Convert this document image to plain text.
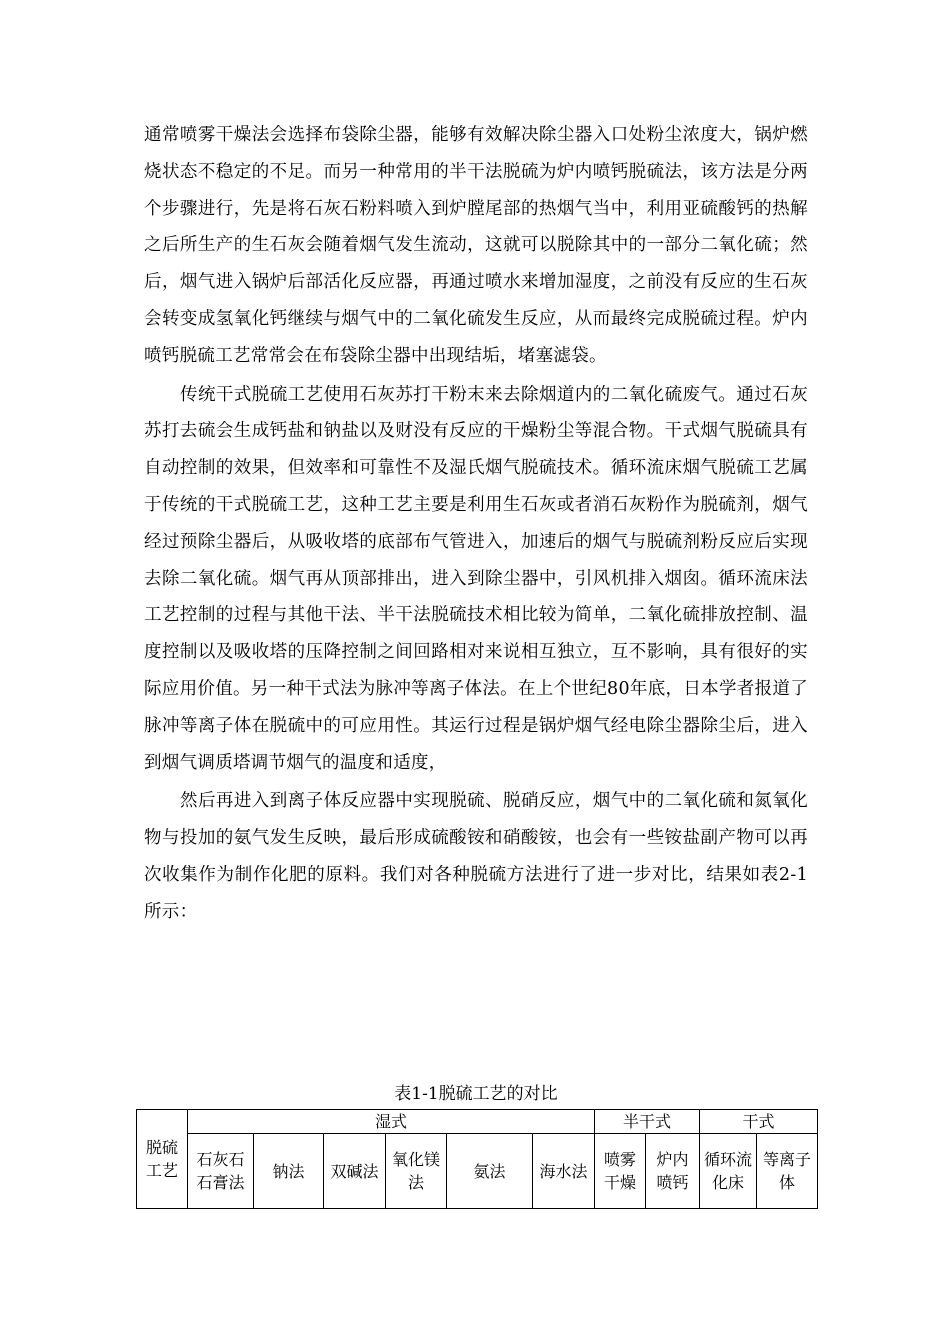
通常喷雾干燥法会选择布袋除尘器，能够有效解决除尘器入口处粉尘浓度大，锅炉燃烧状态不稳定的不足。而另一种常用的半干法脱硫为炉内喷钙脱硫法，该方法是分两个步骤进行，先是将石灰石粉料喷入到炉膛尾部的热烟气当中，利用亚硫酸钙的热解之后所生产的生石灰会随着烟气发生流动，这就可以脱除其中的一部分二氧化硫；然后，烟气进入锅炉后部活化反应器，再通过喷水来增加湿度，之前没有反应的生石灰会转变成氢氧化钙继续与烟气中的二氧化硫发生反应，从而最终完成脱硫过程。炉内喷钙脱硫工艺常常会在布袋除尘器中出现结垢，堵塞滤袋。

传统干式脱硫工艺使用石灰苏打干粉末来去除烟道内的二氧化硫废气。通过石灰苏打去硫会生成钙盐和钠盐以及财没有反应的干燥粉尘等混合物。干式烟气脱硫具有自动控制的效果，但效率和可靠性不及湿氏烟气脱硫技术。循环流床烟气脱硫工艺属于传统的干式脱硫工艺，这种工艺主要是利用生石灰或者消石灰粉作为脱硫剂，烟气经过预除尘器后，从吸收塔的底部布气管进入，加速后的烟气与脱硫剂粉反应后实现去除二氧化硫。烟气再从顶部排出，进入到除尘器中，引风机排入烟囱。循环流床法工艺控制的过程与其他干法、半干法脱硫技术相比较为简单，二氧化硫排放控制、温度控制以及吸收塔的压降控制之间回路相对来说相互独立，互不影响，具有很好的实际应用价值。另一种干式法为脉冲等离子体法。在上个世纪80年底，日本学者报道了脉冲等离子体在脱硫中的可应用性。其运行过程是锅炉烟气经电除尘器除尘后，进入到烟气调质塔调节烟气的温度和适度，

然后再进入到离子体反应器中实现脱硫、脱硝反应，烟气中的二氧化硫和氮氧化物与投加的氨气发生反映，最后形成硫酸铵和硝酸铵，也会有一些铵盐副产物可以再次收集作为制作化肥的原料。我们对各种脱硫方法进行了进一步对比，结果如表2-1所示：

表1-1脱硫工艺的对比
脱硫工艺	湿式						半干式		干式	
	石灰石石膏法	钠法	双碱法	氧化镁法	氨法	海水法	喷雾干燥	炉内喷钙	循环流化床	等离子体
